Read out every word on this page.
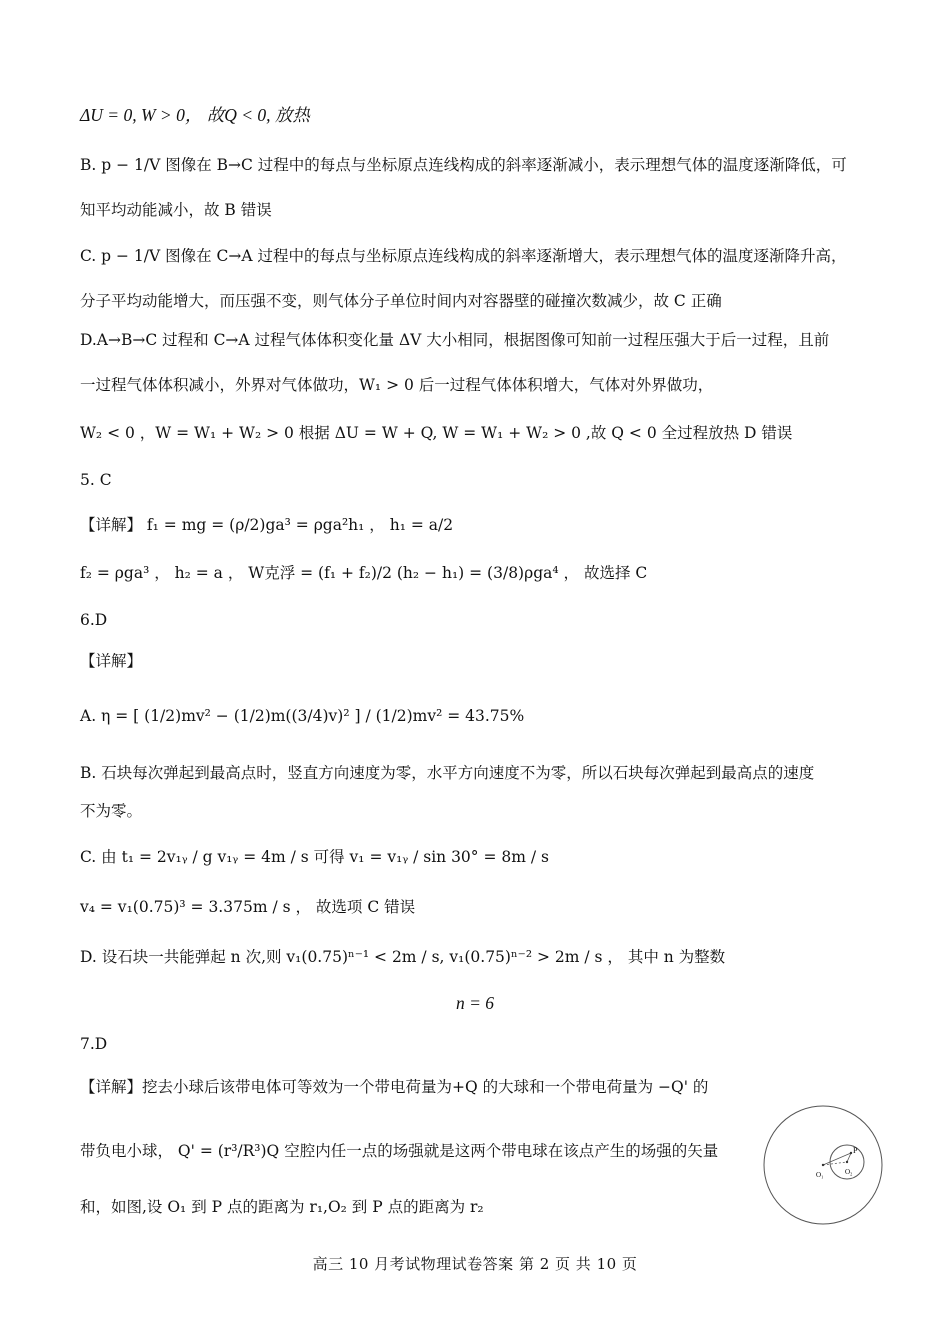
ΔU = 0, W > 0， 故Q < 0, 放热
B. p − 1/V 图像在 B→C 过程中的每点与坐标原点连线构成的斜率逐渐减小，表示理想气体的温度逐渐降低，可
知平均动能减小，故 B 错误
C. p − 1/V 图像在 C→A 过程中的每点与坐标原点连线构成的斜率逐渐增大，表示理想气体的温度逐渐降升高，
分子平均动能增大，而压强不变，则气体分子单位时间内对容器壁的碰撞次数减少，故 C 正确
D.A→B→C 过程和 C→A 过程气体体积变化量 ΔV 大小相同，根据图像可知前一过程压强大于后一过程，且前
一过程气体体积减小，外界对气体做功，W₁ > 0 后一过程气体体积增大，气体对外界做功，
W₂ < 0 ，W = W₁ + W₂ > 0 根据 ΔU = W + Q, W = W₁ + W₂ > 0 ,故 Q < 0 全过程放热 D 错误
5. C
【详解】 f₁ = mg = (ρ/2)ga³ = ρga²h₁ ， h₁ = a/2
f₂ = ρga³ ， h₂ = a ， W克浮 = (f₁ + f₂)/2 (h₂ − h₁) = (3/8)ρga⁴ ， 故选择 C
6.D
【详解】
A. η = [ (1/2)mv² − (1/2)m((3/4)v)² ] / (1/2)mv² = 43.75%
B. 石块每次弹起到最高点时，竖直方向速度为零，水平方向速度不为零，所以石块每次弹起到最高点的速度
不为零。
C. 由 t₁ = 2v₁ᵧ / g v₁ᵧ = 4m / s 可得 v₁ = v₁ᵧ / sin 30° = 8m / s
v₄ = v₁(0.75)³ = 3.375m / s ， 故选项 C 错误
D. 设石块一共能弹起 n 次,则 v₁(0.75)ⁿ⁻¹ < 2m / s, v₁(0.75)ⁿ⁻² > 2m / s ， 其中 n 为整数
n = 6
7.D
【详解】挖去小球后该带电体可等效为一个带电荷量为+Q 的大球和一个带电荷量为 −Q' 的
带负电小球， Q' = (r³/R³)Q 空腔内任一点的场强就是这两个带电球在该点产生的场强的矢量
和，如图,设 O₁ 到 P 点的距离为 r₁,O₂ 到 P 点的距离为 r₂
P
O₁	O₂
高三 10 月考试物理试卷答案 第 2 页 共 10 页
